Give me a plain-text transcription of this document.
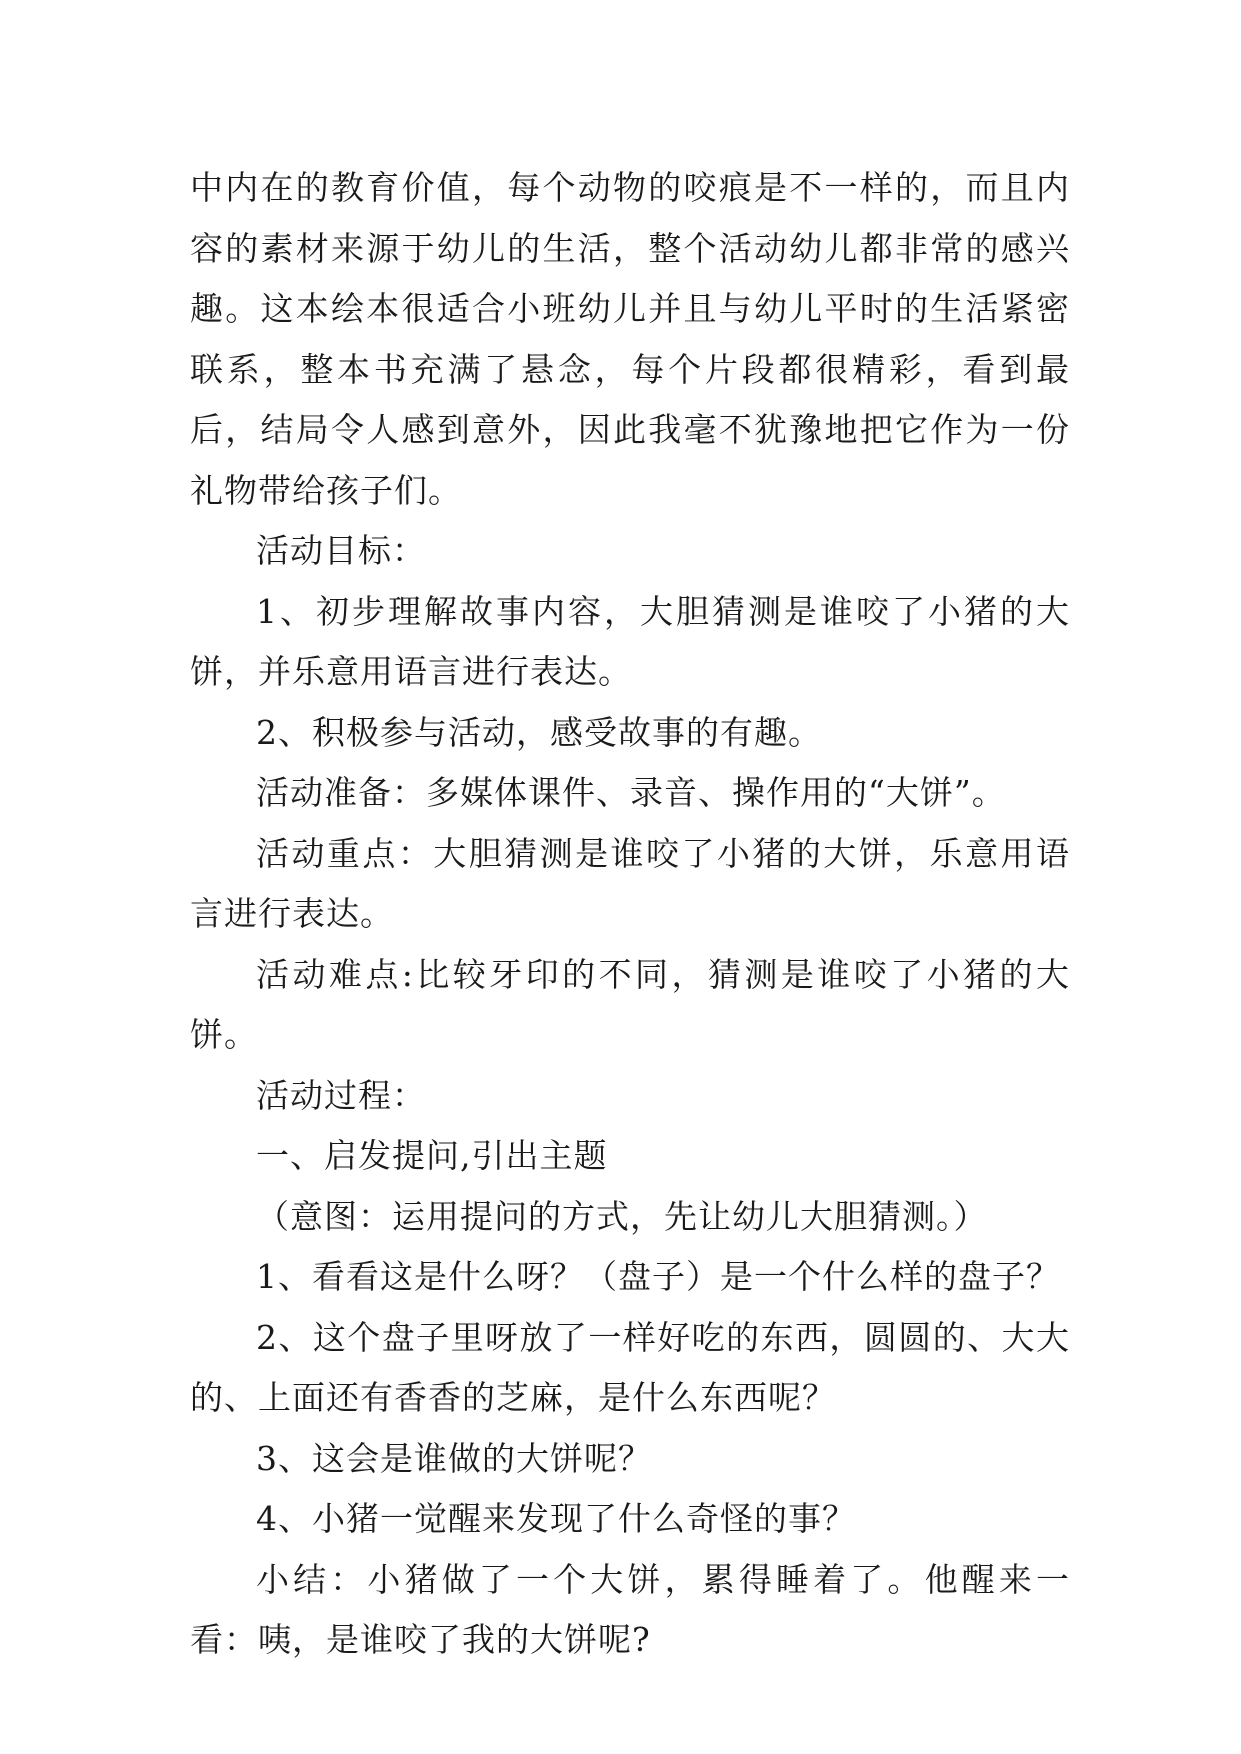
中内在的教育价值，每个动物的咬痕是不一样的，而且内容的素材来源于幼儿的生活，整个活动幼儿都非常的感兴趣。这本绘本很适合小班幼儿并且与幼儿平时的生活紧密联系，整本书充满了悬念，每个片段都很精彩，看到最后，结局令人感到意外，因此我毫不犹豫地把它作为一份礼物带给孩子们。

活动目标：

1、初步理解故事内容，大胆猜测是谁咬了小猪的大饼，并乐意用语言进行表达。

2、积极参与活动，感受故事的有趣。

活动准备：多媒体课件、录音、操作用的“大饼”。

活动重点：大胆猜测是谁咬了小猪的大饼，乐意用语言进行表达。

活动难点:比较牙印的不同，猜测是谁咬了小猪的大饼。

活动过程：

一、启发提问,引出主题

（意图：运用提问的方式，先让幼儿大胆猜测。）

1、看看这是什么呀？（盘子）是一个什么样的盘子？

2、这个盘子里呀放了一样好吃的东西，圆圆的、大大的、上面还有香香的芝麻，是什么东西呢？

3、这会是谁做的大饼呢？

4、小猪一觉醒来发现了什么奇怪的事？

小结：小猪做了一个大饼，累得睡着了。他醒来一看：咦，是谁咬了我的大饼呢?
